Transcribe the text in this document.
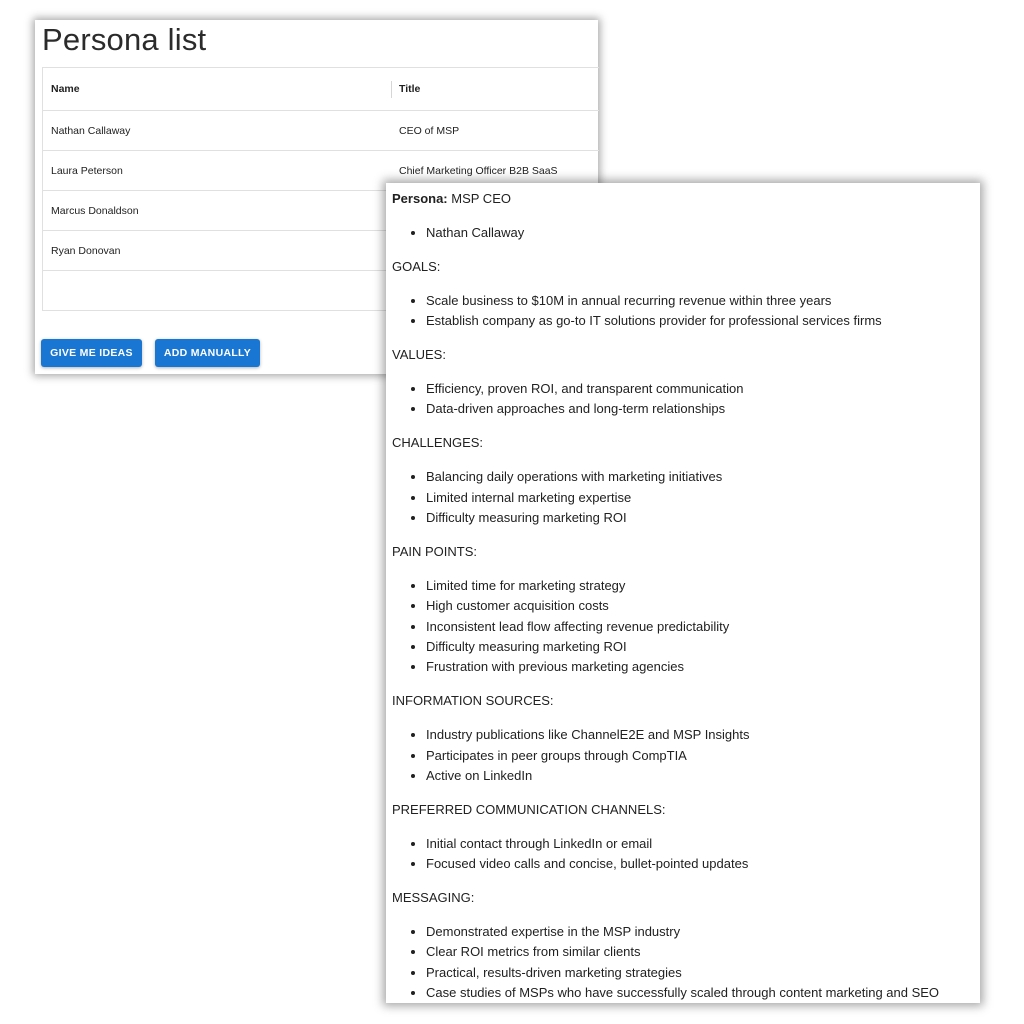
Persona list
Name	Title
Nathan Callaway	CEO of MSP
Laura Peterson	Chief Marketing Officer B2B SaaS
Marcus Donaldson
Ryan Donovan
GIVE ME IDEAS	ADD MANUALLY
Persona: MSP CEO
• Nathan Callaway
GOALS:
• Scale business to $10M in annual recurring revenue within three years
• Establish company as go-to IT solutions provider for professional services firms
VALUES:
• Efficiency, proven ROI, and transparent communication
• Data-driven approaches and long-term relationships
CHALLENGES:
• Balancing daily operations with marketing initiatives
• Limited internal marketing expertise
• Difficulty measuring marketing ROI
PAIN POINTS:
• Limited time for marketing strategy
• High customer acquisition costs
• Inconsistent lead flow affecting revenue predictability
• Difficulty measuring marketing ROI
• Frustration with previous marketing agencies
INFORMATION SOURCES:
• Industry publications like ChannelE2E and MSP Insights
• Participates in peer groups through CompTIA
• Active on LinkedIn
PREFERRED COMMUNICATION CHANNELS:
• Initial contact through LinkedIn or email
• Focused video calls and concise, bullet-pointed updates
MESSAGING:
• Demonstrated expertise in the MSP industry
• Clear ROI metrics from similar clients
• Practical, results-driven marketing strategies
• Case studies of MSPs who have successfully scaled through content marketing and SEO
